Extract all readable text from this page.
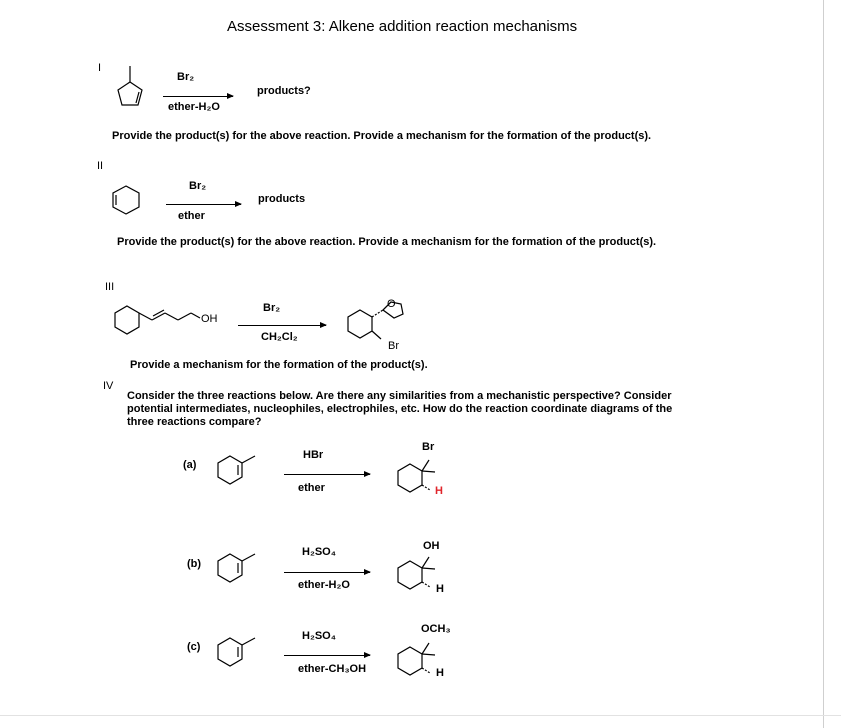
Assessment 3: Alkene addition reaction mechanisms
I
Br₂
ether-H₂O
products?
Provide the product(s) for the above reaction. Provide a mechanism for the formation of the product(s).
II
Br₂
ether
products
Provide the product(s) for the above reaction. Provide a mechanism for the formation of the product(s).
III
OH
Br₂
CH₂Cl₂
O
Br
Provide a mechanism for the formation of the product(s).
IV
Consider the three reactions below. Are there any similarities from a mechanistic perspective? Consider
potential intermediates, nucleophiles, electrophiles, etc. How do the reaction coordinate diagrams of the
three reactions compare?
(a)
HBr
ether
Br
H
(b)
H₂SO₄
ether-H₂O
OH
H
(c)
H₂SO₄
ether-CH₃OH
OCH₃
H
